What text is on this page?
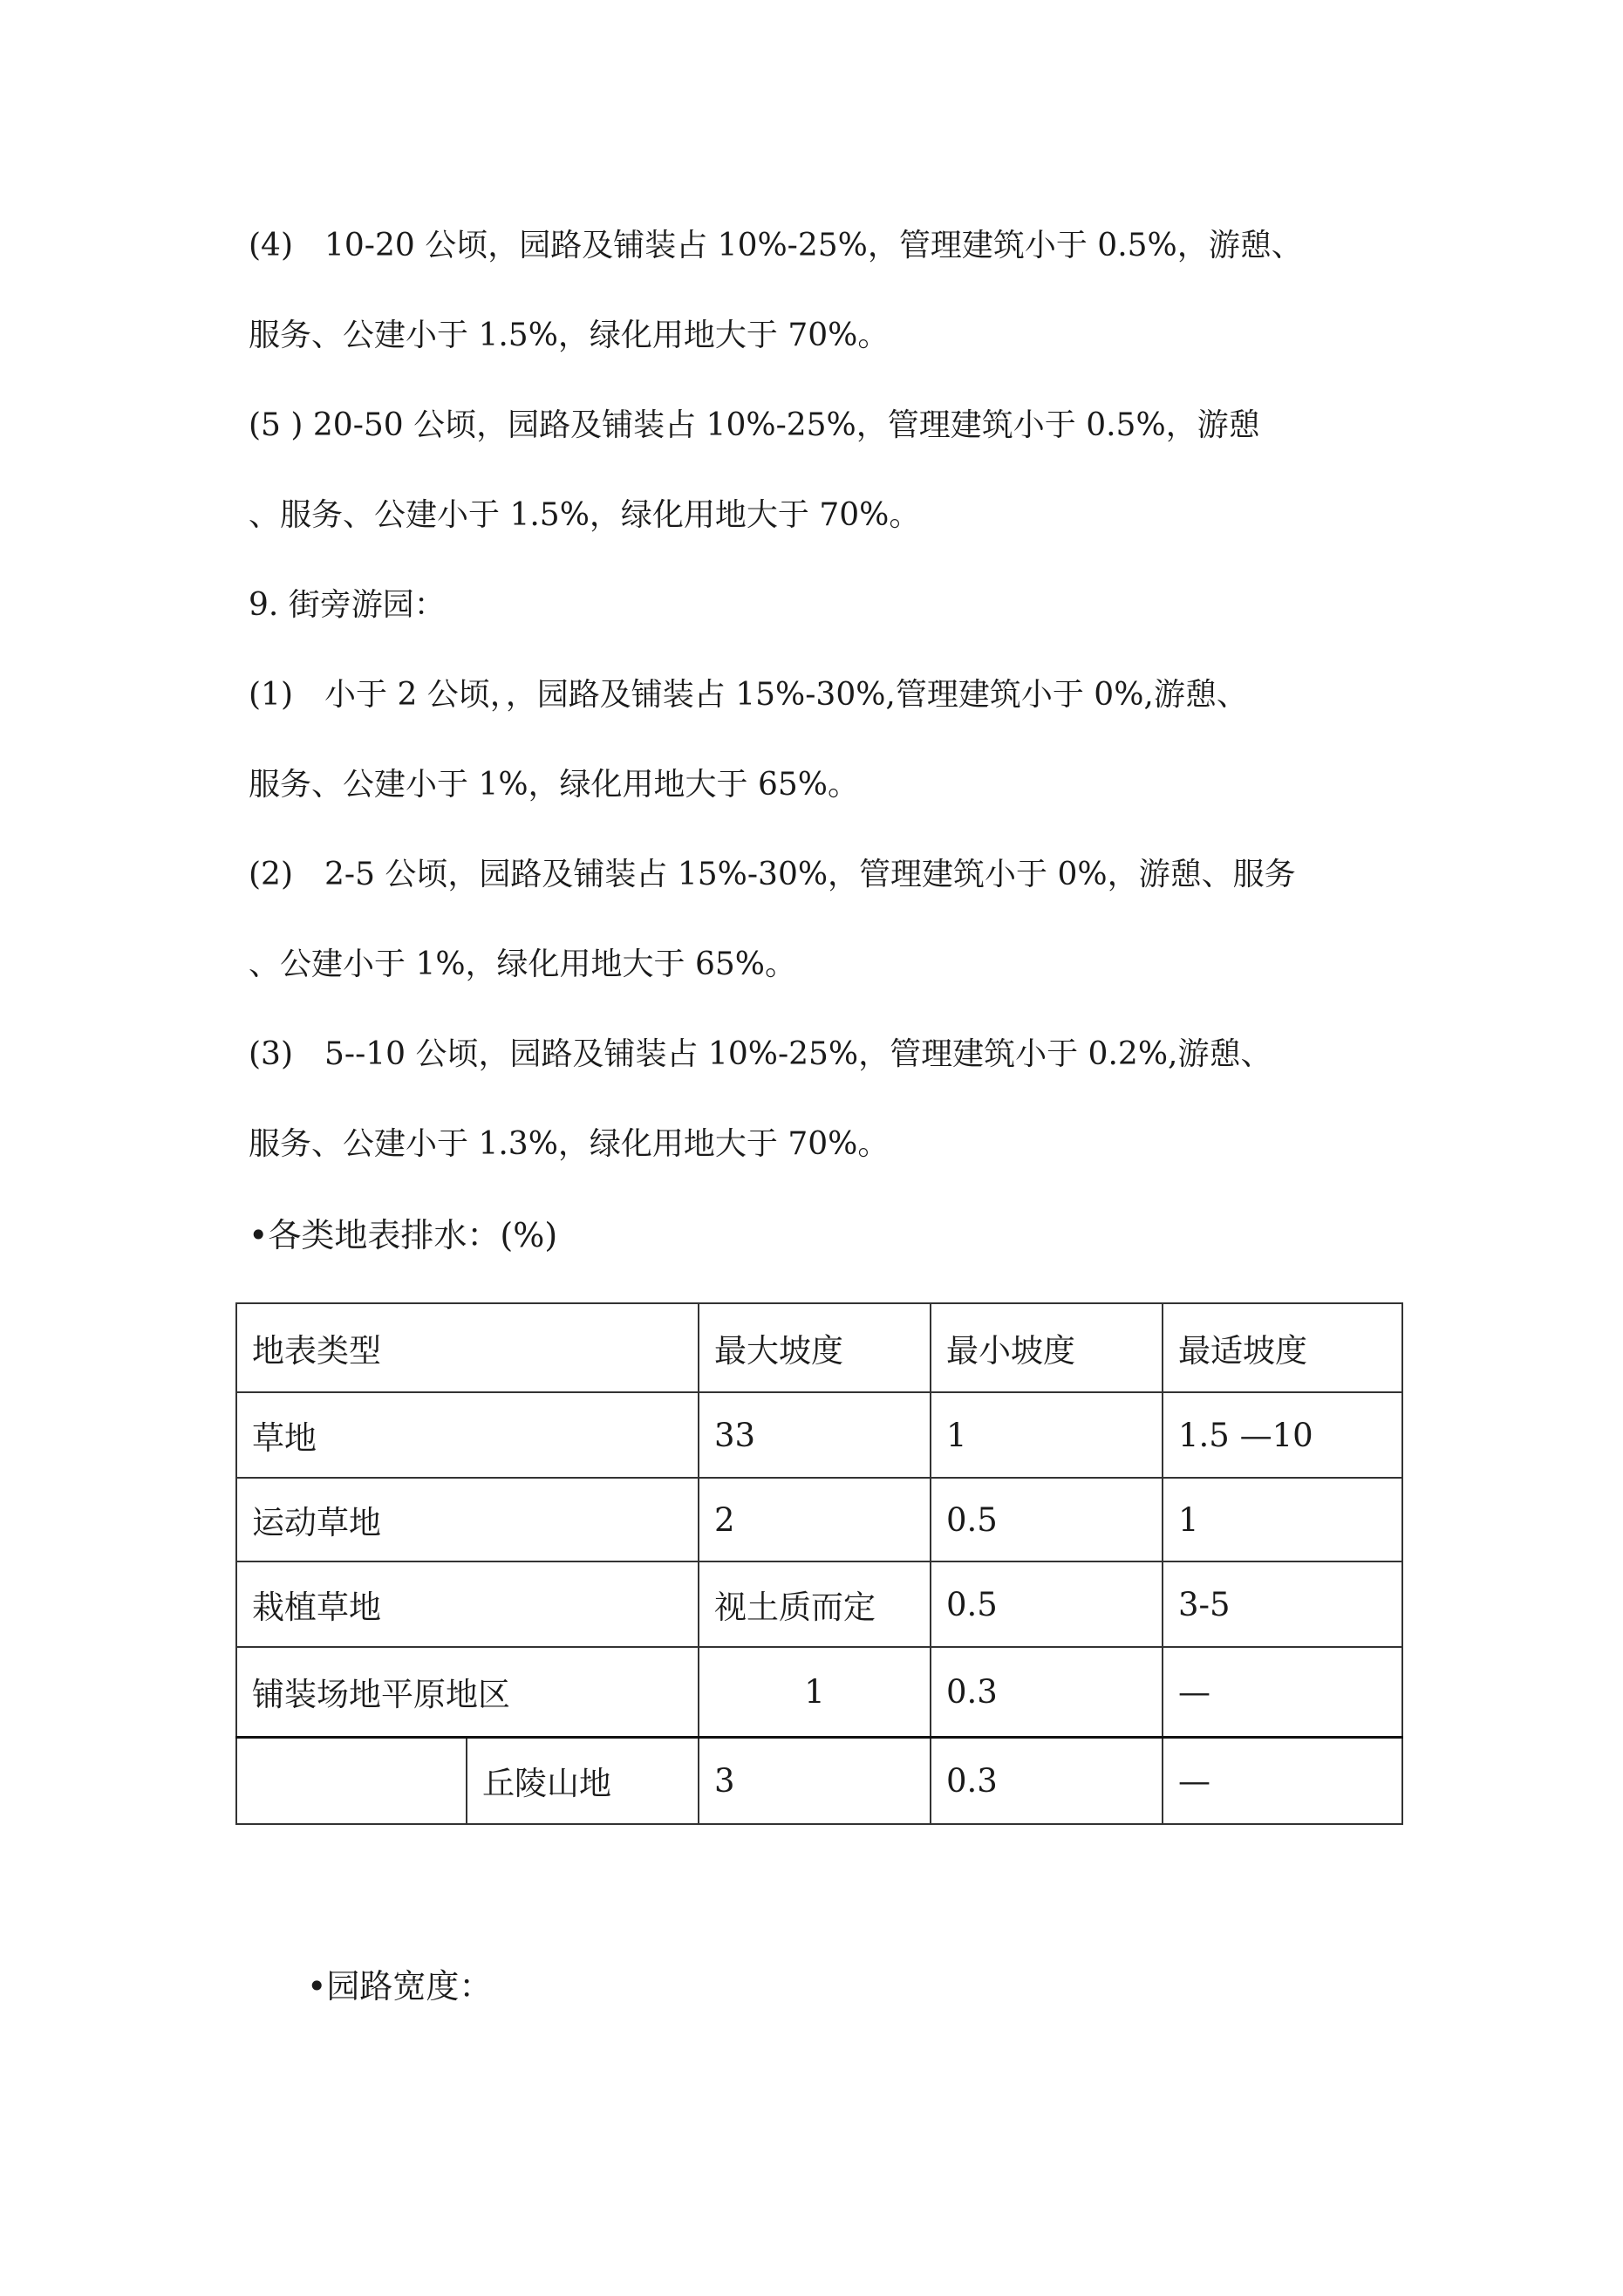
(4)　10-20 公顷，园路及铺装占 10%-25%，管理建筑小于 0.5%，游憩、
服务、公建小于 1.5%，绿化用地大于 70%。
(5 ) 20-50 公顷，园路及铺装占 10%-25%，管理建筑小于 0.5%，游憩
、服务、公建小于 1.5%，绿化用地大于 70%。
9. 街旁游园：
(1)　小于 2 公顷，，园路及铺装占 15%-30%,管理建筑小于 0%,游憩、
服务、公建小于 1%，绿化用地大于 65%。
(2)　2-5 公顷，园路及铺装占 15%-30%，管理建筑小于 0%，游憩、服务
、公建小于 1%，绿化用地大于 65%。
(3)　5--10 公顷，园路及铺装占 10%-25%，管理建筑小于 0.2%,游憩、
服务、公建小于 1.3%，绿化用地大于 70%。
•各类地表排水：(%)
地表类型		最大坡度	最小坡度	最适坡度
草地		33	1	1.5 —10
运动草地		2	0.5	1
栽植草地		视土质而定	0.5	3-5
铺装场地平原地区		1	0.3	—
	丘陵山地	3	0.3	—
•园路宽度：
